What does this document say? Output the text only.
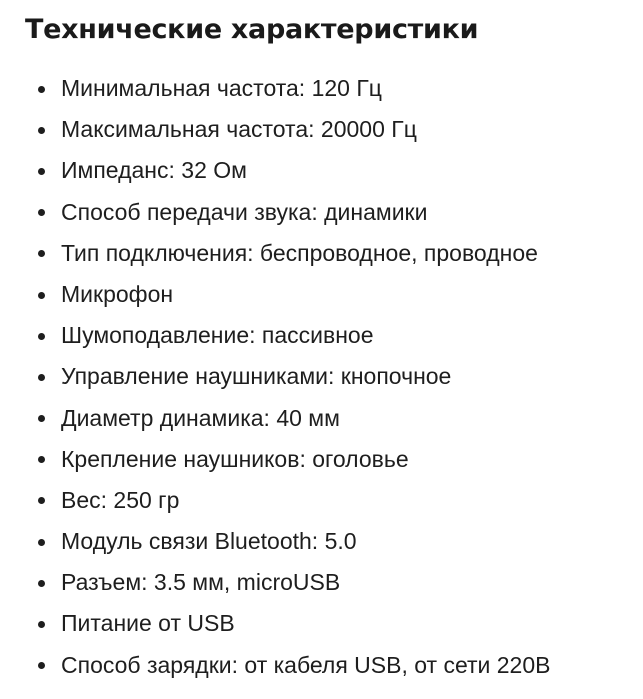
Технические характеристики
Минимальная частота: 120 Гц
Максимальная частота: 20000 Гц
Импеданс: 32 Ом
Способ передачи звука: динамики
Тип подключения: беспроводное, проводное
Микрофон
Шумоподавление: пассивное
Управление наушниками: кнопочное
Диаметр динамика: 40 мм
Крепление наушников: оголовье
Вес: 250 гр
Модуль связи Bluetooth: 5.0
Разъем: 3.5 мм, microUSB
Питание от USB
Способ зарядки: от кабеля USB, от сети 220В
